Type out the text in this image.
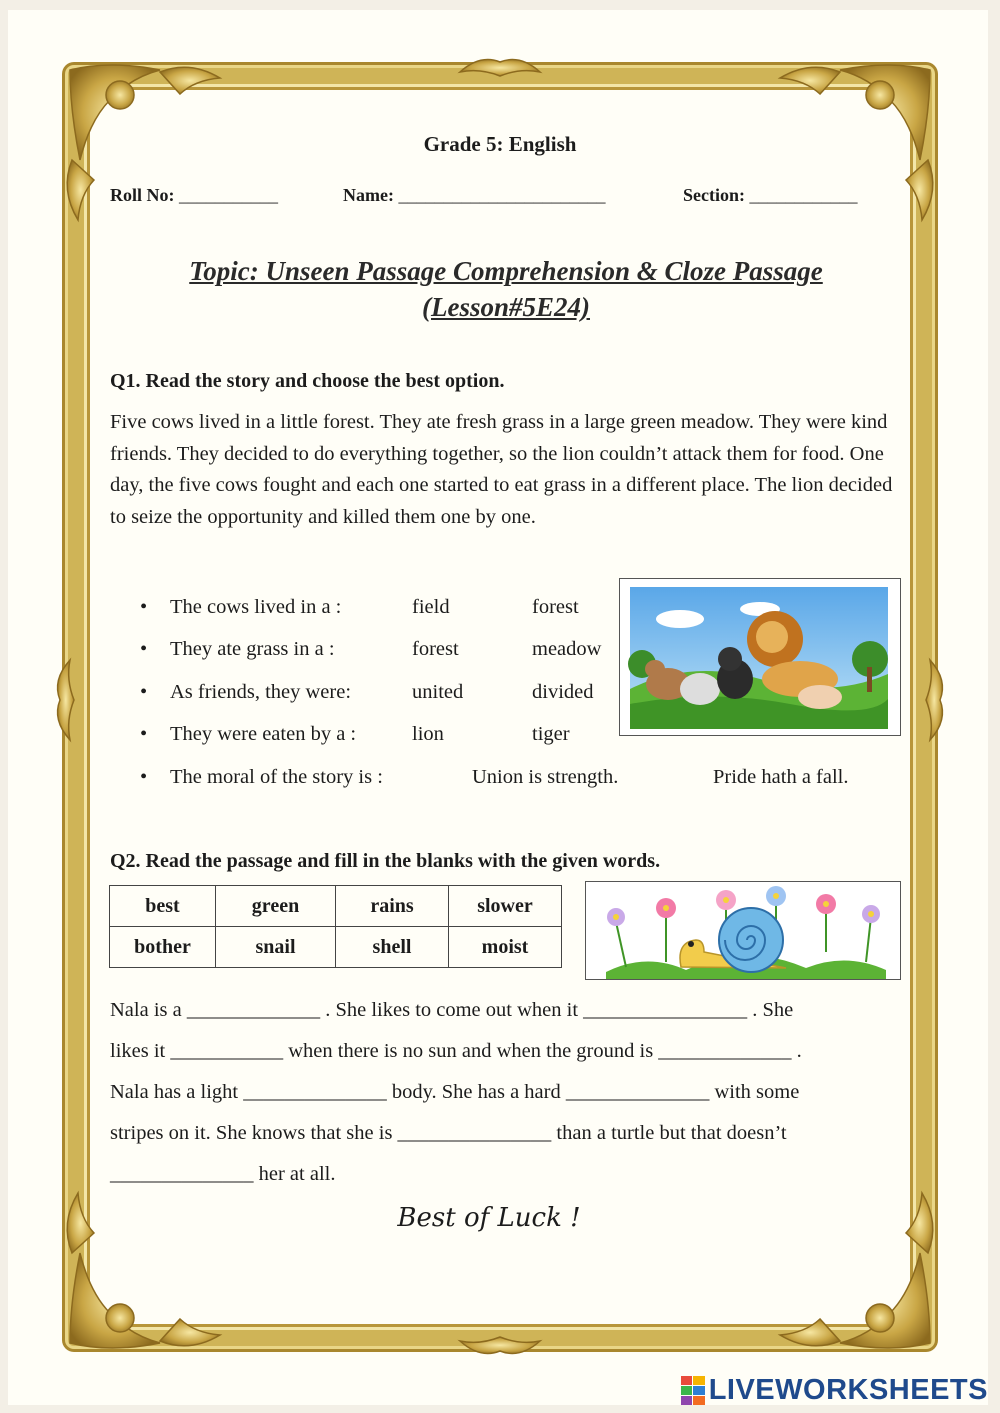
Grade 5: English
Roll No: ___________	Name: _______________________	Section: ____________
Topic: Unseen Passage Comprehension & Cloze Passage
(Lesson#5E24)
Q1. Read the story and choose the best option.
Five cows lived in a little forest. They ate fresh grass in a large green meadow. They were kind friends. They decided to do everything together, so the lion couldn’t attack them for food. One day, the five cows fought and each one started to eat grass in a different place. The lion decided to seize the opportunity and killed them one by one.
• The cows lived in a :	field	forest
• They ate grass in a :	forest	meadow
• As friends, they were:	united	divided
• They were eaten by a :	lion	tiger
• The moral of the story is :	Union is strength.	Pride hath a fall.
Q2. Read the passage and fill in the blanks with the given words.
best	green	rains	slower
bother	snail	shell	moist
Nala is a _____________ . She likes to come out when it ________________ . She
likes it ___________ when there is no sun and when the ground is _____________ .
Nala has a light ______________ body. She has a hard ______________ with some
stripes on it. She knows that she is _______________ than a turtle but that doesn’t
______________ her at all.
Best of Luck !
LIVEWORKSHEETS
